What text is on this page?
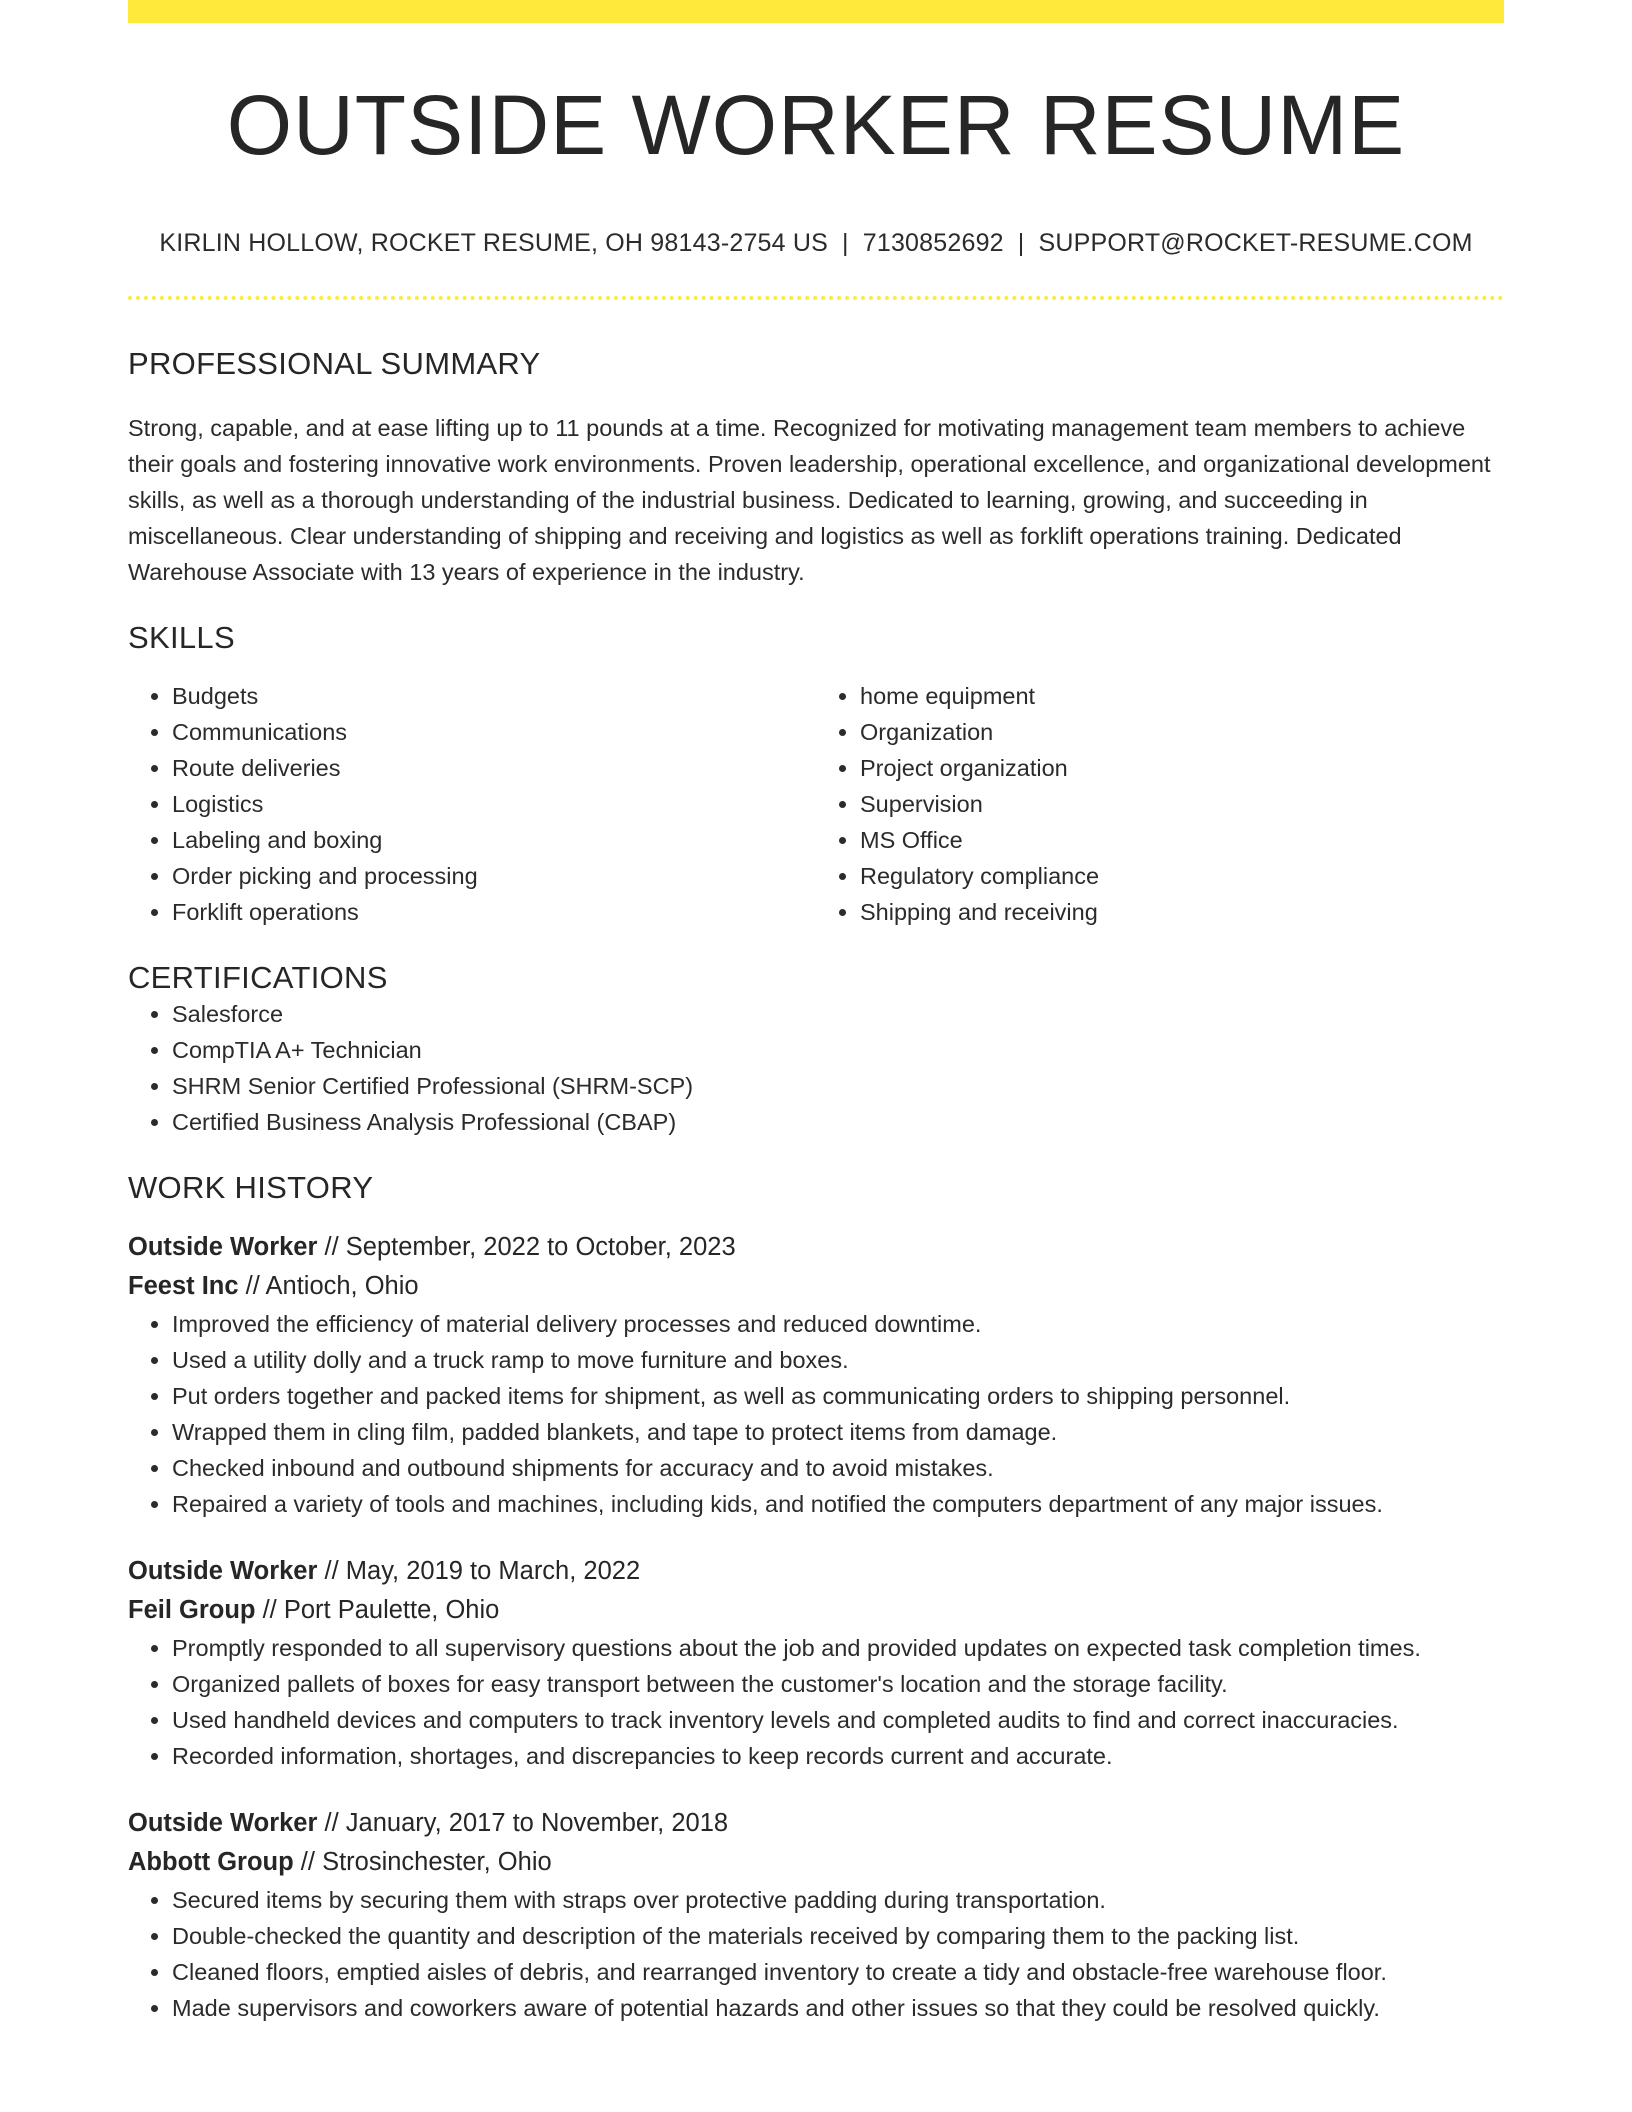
OUTSIDE WORKER RESUME
KIRLIN HOLLOW, ROCKET RESUME, OH 98143-2754 US | 7130852692 | SUPPORT@ROCKET-RESUME.COM
PROFESSIONAL SUMMARY

Strong, capable, and at ease lifting up to 11 pounds at a time. Recognized for motivating management team members to achieve their goals and fostering innovative work environments. Proven leadership, operational excellence, and organizational development skills, as well as a thorough understanding of the industrial business. Dedicated to learning, growing, and succeeding in miscellaneous. Clear understanding of shipping and receiving and logistics as well as forklift operations training. Dedicated Warehouse Associate with 13 years of experience in the industry.

SKILLS
• Budgets
• Communications
• Route deliveries
• Logistics
• Labeling and boxing
• Order picking and processing
• Forklift operations
• home equipment
• Organization
• Project organization
• Supervision
• MS Office
• Regulatory compliance
• Shipping and receiving
CERTIFICATIONS
• Salesforce
• CompTIA A+ Technician
• SHRM Senior Certified Professional (SHRM-SCP)
• Certified Business Analysis Professional (CBAP)
WORK HISTORY
Outside Worker // September, 2022 to October, 2023
Feest Inc // Antioch, Ohio
• Improved the efficiency of material delivery processes and reduced downtime.
• Used a utility dolly and a truck ramp to move furniture and boxes.
• Put orders together and packed items for shipment, as well as communicating orders to shipping personnel.
• Wrapped them in cling film, padded blankets, and tape to protect items from damage.
• Checked inbound and outbound shipments for accuracy and to avoid mistakes.
• Repaired a variety of tools and machines, including kids, and notified the computers department of any major issues.
Outside Worker // May, 2019 to March, 2022
Feil Group // Port Paulette, Ohio
• Promptly responded to all supervisory questions about the job and provided updates on expected task completion times.
• Organized pallets of boxes for easy transport between the customer's location and the storage facility.
• Used handheld devices and computers to track inventory levels and completed audits to find and correct inaccuracies.
• Recorded information, shortages, and discrepancies to keep records current and accurate.
Outside Worker // January, 2017 to November, 2018
Abbott Group // Strosinchester, Ohio
• Secured items by securing them with straps over protective padding during transportation.
• Double-checked the quantity and description of the materials received by comparing them to the packing list.
• Cleaned floors, emptied aisles of debris, and rearranged inventory to create a tidy and obstacle-free warehouse floor.
• Made supervisors and coworkers aware of potential hazards and other issues so that they could be resolved quickly.
